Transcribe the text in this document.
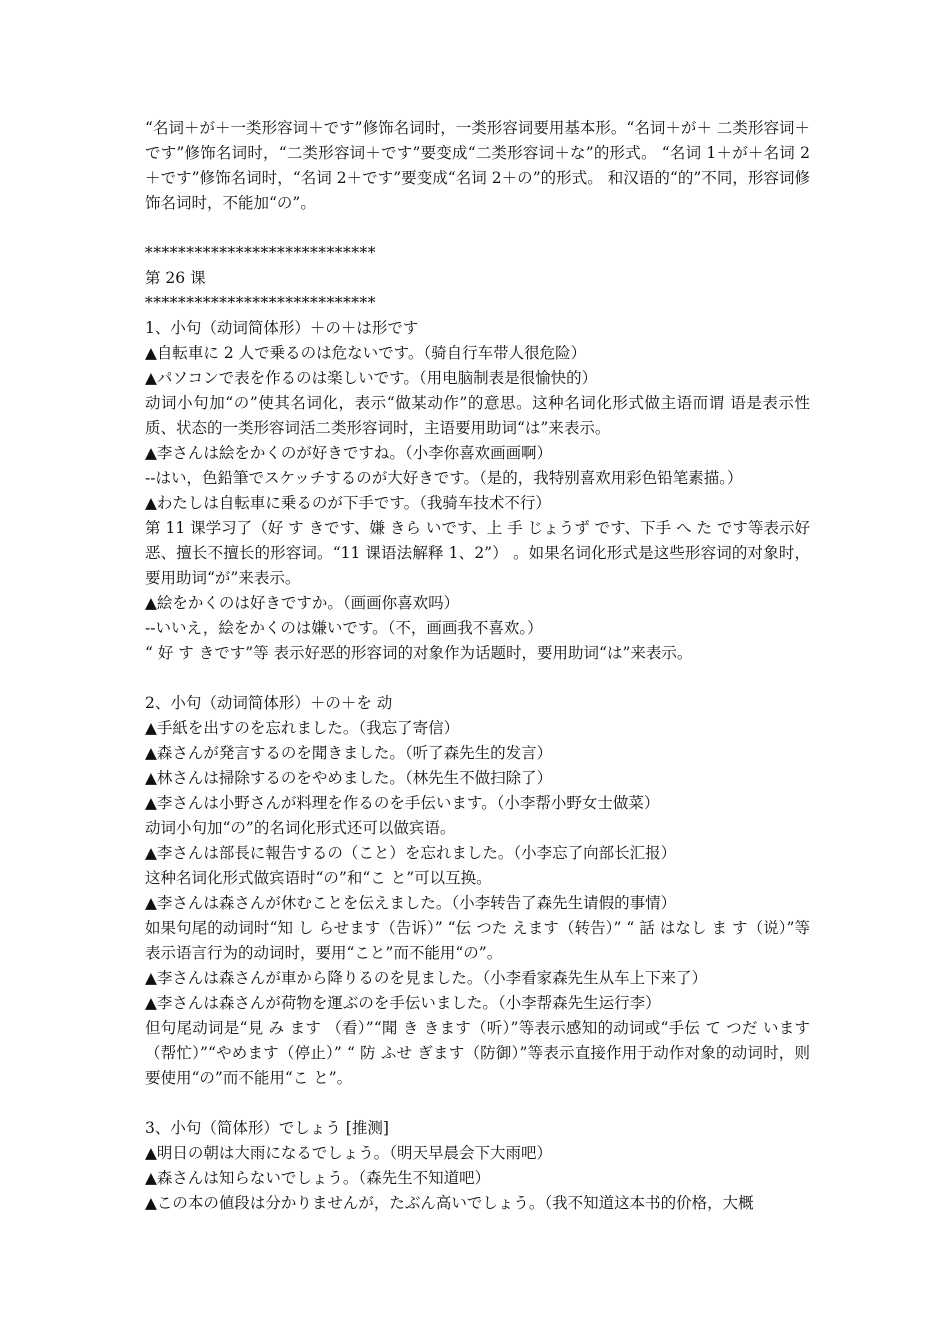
“名词＋が＋一类形容词＋です”修饰名词时，一类形容词要用基本形。“名词＋が＋ 二类形容词＋です”修饰名词时，“二类形容词＋です”要变成“二类形容词＋な”的形式。 “名词 1＋が＋名词 2＋です”修饰名词时，“名词 2＋です”要变成“名词 2＋の”的形式。 和汉语的“的”不同，形容词修饰名词时，不能加“の”。

****************************

第 26 课

****************************

1、小句（动词简体形）＋の＋は形です

▲自転車に 2 人で乗るのは危ないです。（骑自行车带人很危险）

▲パソコンで表を作るのは楽しいです。（用电脑制表是很愉快的）

动词小句加“の”使其名词化，表示“做某动作”的意思。这种名词化形式做主语而谓 语是表示性质、状态的一类形容词活二类形容词时，主语要用助词“は”来表示。

▲李さんは絵をかくのが好きですね。（小李你喜欢画画啊）

--はい，色鉛筆でスケッチするのが大好きです。（是的，我特别喜欢用彩色铅笔素描。）

▲わたしは自転車に乗るのが下手です。（我骑车技术不行）

第 11 课学习了（好 す きです、嫌 きら いです、上 手 じょうず です、下手 へ た です等表示好恶、擅长不擅长的形容词。“11 课语法解释 1、2”） 。如果名词化形式是这些形容词的对象时，要用助词“が”来表示。

▲絵をかくのは好きですか。（画画你喜欢吗）

--いいえ，絵をかくのは嫌いです。（不，画画我不喜欢。）

“ 好 す きです”等 表示好恶的形容词的对象作为话题时，要用助词“は”来表示。

2、小句（动词简体形）＋の＋を 动

▲手紙を出すのを忘れました。（我忘了寄信）

▲森さんが発言するのを聞きました。（听了森先生的发言）

▲林さんは掃除するのをやめました。（林先生不做扫除了）

▲李さんは小野さんが料理を作るのを手伝います。（小李帮小野女士做菜）

动词小句加“の”的名词化形式还可以做宾语。

▲李さんは部長に報告するの（こと）を忘れました。（小李忘了向部长汇报）

这种名词化形式做宾语时“の”和“こ と”可以互换。

▲李さんは森さんが休むことを伝えました。（小李转告了森先生请假的事情）

如果句尾的动词时“知 し らせます（告诉）” “伝 つた えます（转告）” “ 話 はなし ま す（说）”等表示语言行为的动词时，要用“こと”而不能用“の”。

▲李さんは森さんが車から降りるのを見ました。（小李看家森先生从车上下来了）

▲李さんは森さんが荷物を運ぶのを手伝いました。（小李帮森先生运行李）

但句尾动词是“見 み ます （看）”“聞 き きます（听）”等表示感知的动词或“手伝 て つだ います（帮忙）”“やめます（停止）” “ 防 ふせ ぎます（防御）”等表示直接作用于动作对象的动词时，则要使用“の”而不能用“こ と”。

3、小句（简体形）でしょう [推测]

▲明日の朝は大雨になるでしょう。（明天早晨会下大雨吧）

▲森さんは知らないでしょう。（森先生不知道吧）

▲この本の値段は分かりませんが，たぶん高いでしょう。（我不知道这本书的价格，大概
